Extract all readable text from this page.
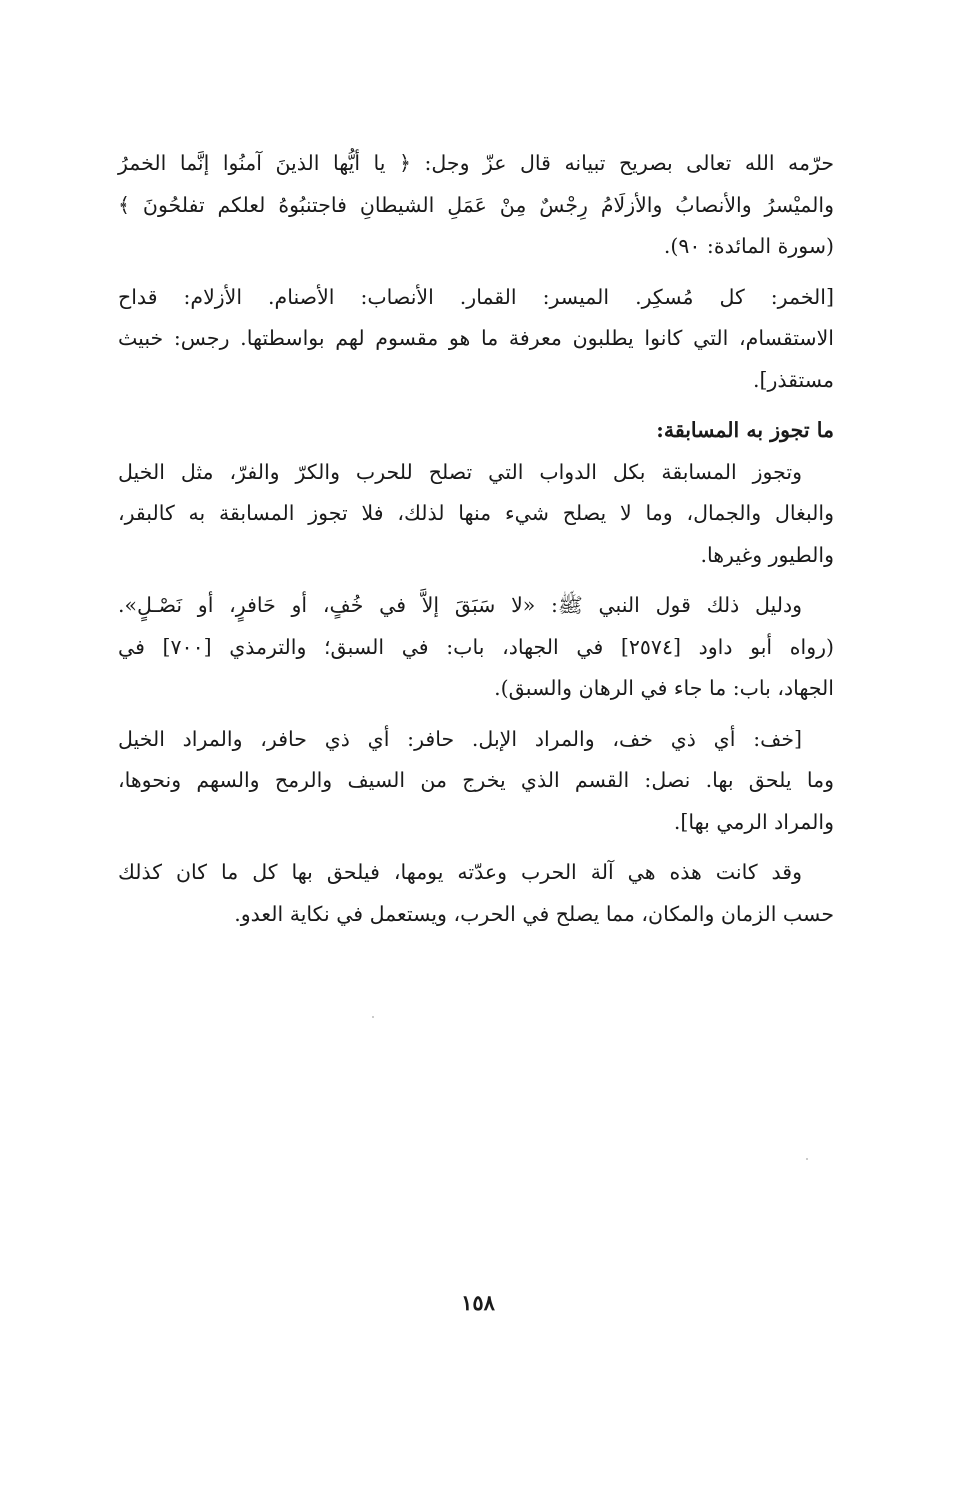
حرّمه الله تعالى بصريح تبيانه قال عزّ وجل: ﴿ يا أيُّها الذينَ آمنُوا إنَّما الخمرُ
والميْسرُ والأنصابُ والأزلَامُ رِجْسٌ مِنْ عَمَلِ الشيطانِ فاجتنبُوهُ لعلكم تفلحُونَ ﴾
(سورة المائدة: ٩٠).

[الخمر: كل مُسكِر. الميسر: القمار. الأنصاب: الأصنام. الأزلام: قداح
الاستقسام، التي كانوا يطلبون معرفة ما هو مقسوم لهم بواسطتها. رجس: خبيث
مستقذر].

ما تجوز به المسابقة:

وتجوز المسابقة بكل الدواب التي تصلح للحرب والكرّ والفرّ، مثل الخيل
والبغال والجمال، وما لا يصلح شيء منها لذلك، فلا تجوز المسابقة به كالبقر،
والطيور وغيرها.

ودليل ذلك قول النبي ﷺ: «لا سَبَقَ إلاَّ في خُفٍ، أو حَافرٍ، أو نَصْـلٍ».
(رواه أبو داود [٢٥٧٤] في الجهاد، باب: في السبق؛ والترمذي [٧٠٠] في
الجهاد، باب: ما جاء في الرهان والسبق).

[خف: أي ذي خف، والمراد الإبل. حافر: أي ذي حافر، والمراد الخيل
وما يلحق بها. نصل: القسم الذي يخرج من السيف والرمح والسهم ونحوها،
والمراد الرمي بها].

وقد كانت هذه هي آلة الحرب وعدّته يومها، فيلحق بها كل ما كان كذلك
حسب الزمان والمكان، مما يصلح في الحرب، ويستعمل في نكاية العدو.

١٥٨
